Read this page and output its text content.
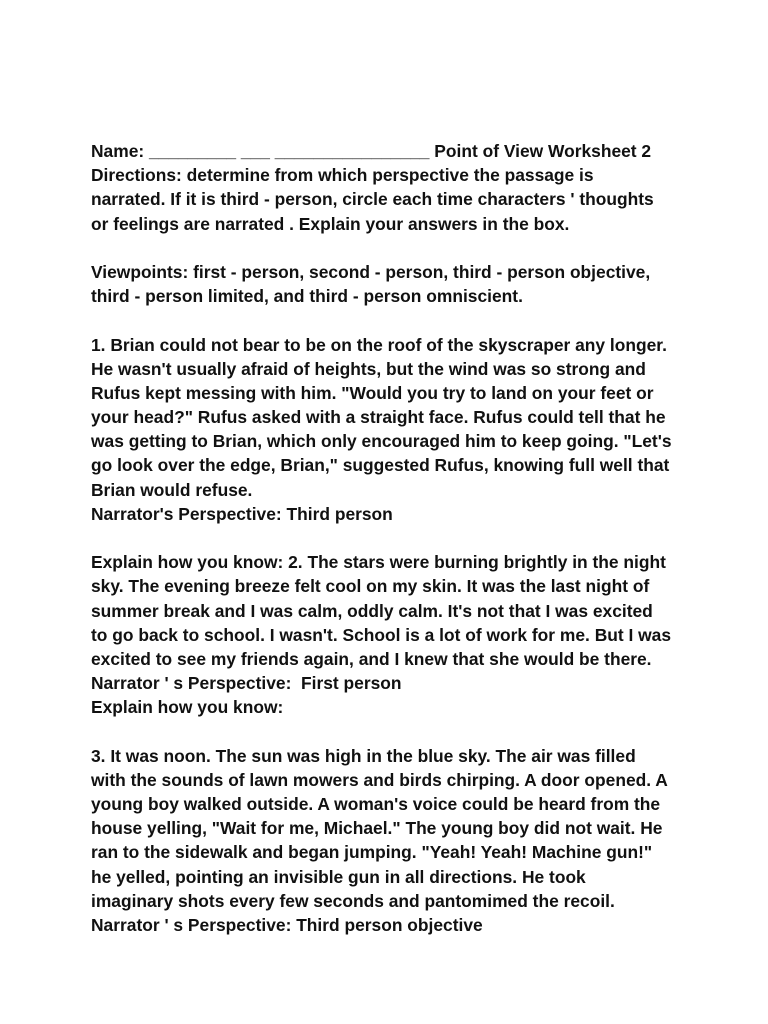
Name: _________ ___ ________________ Point of View Worksheet 2
Directions: determine from which perspective the passage is
narrated. If it is third - person, circle each time characters ' thoughts
or feelings are narrated . Explain your answers in the box.
Viewpoints: first - person, second - person, third - person objective,
third - person limited, and third - person omniscient.
1. Brian could not bear to be on the roof of the skyscraper any longer.
He wasn't usually afraid of heights, but the wind was so strong and
Rufus kept messing with him. "Would you try to land on your feet or
your head?" Rufus asked with a straight face. Rufus could tell that he
was getting to Brian, which only encouraged him to keep going. "Let's
go look over the edge, Brian," suggested Rufus, knowing full well that
Brian would refuse.
Narrator's Perspective: Third person
Explain how you know: 2. The stars were burning brightly in the night
sky. The evening breeze felt cool on my skin. It was the last night of
summer break and I was calm, oddly calm. It's not that I was excited
to go back to school. I wasn't. School is a lot of work for me. But I was
excited to see my friends again, and I knew that she would be there.
Narrator ' s Perspective:  First person
Explain how you know:
3. It was noon. The sun was high in the blue sky. The air was filled
with the sounds of lawn mowers and birds chirping. A door opened. A
young boy walked outside. A woman's voice could be heard from the
house yelling, "Wait for me, Michael." The young boy did not wait. He
ran to the sidewalk and began jumping. "Yeah! Yeah! Machine gun!"
he yelled, pointing an invisible gun in all directions. He took
imaginary shots every few seconds and pantomimed the recoil.
Narrator ' s Perspective: Third person objective
